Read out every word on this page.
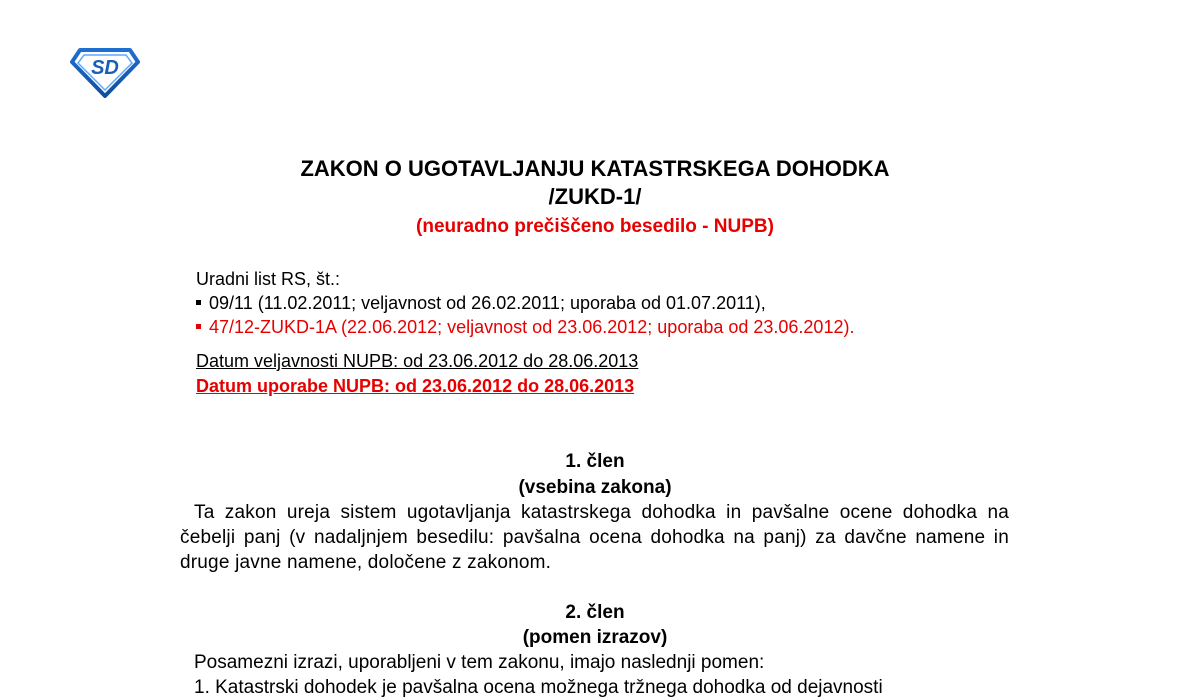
SD
ZAKON O UGOTAVLJANJU KATASTRSKEGA DOHODKA
/ZUKD-1/
(neuradno prečiščeno besedilo - NUPB)
Uradni list RS, št.:
09/11 (11.02.2011; veljavnost od 26.02.2011; uporaba od 01.07.2011),
47/12-ZUKD-1A (22.06.2012; veljavnost od 23.06.2012; uporaba od 23.06.2012).
Datum veljavnosti NUPB: od 23.06.2012 do 28.06.2013
Datum uporabe NUPB: od 23.06.2012 do 28.06.2013
1. člen
(vsebina zakona)
Ta zakon ureja sistem ugotavljanja katastrskega dohodka in pavšalne ocene dohodka na čebelji panj (v nadaljnjem besedilu: pavšalna ocena dohodka na panj) za davčne namene in druge javne namene, določene z zakonom.
2. člen
(pomen izrazov)
Posamezni izrazi, uporabljeni v tem zakonu, imajo naslednji pomen:
1. Katastrski dohodek je pavšalna ocena možnega tržnega dohodka od dejavnosti
